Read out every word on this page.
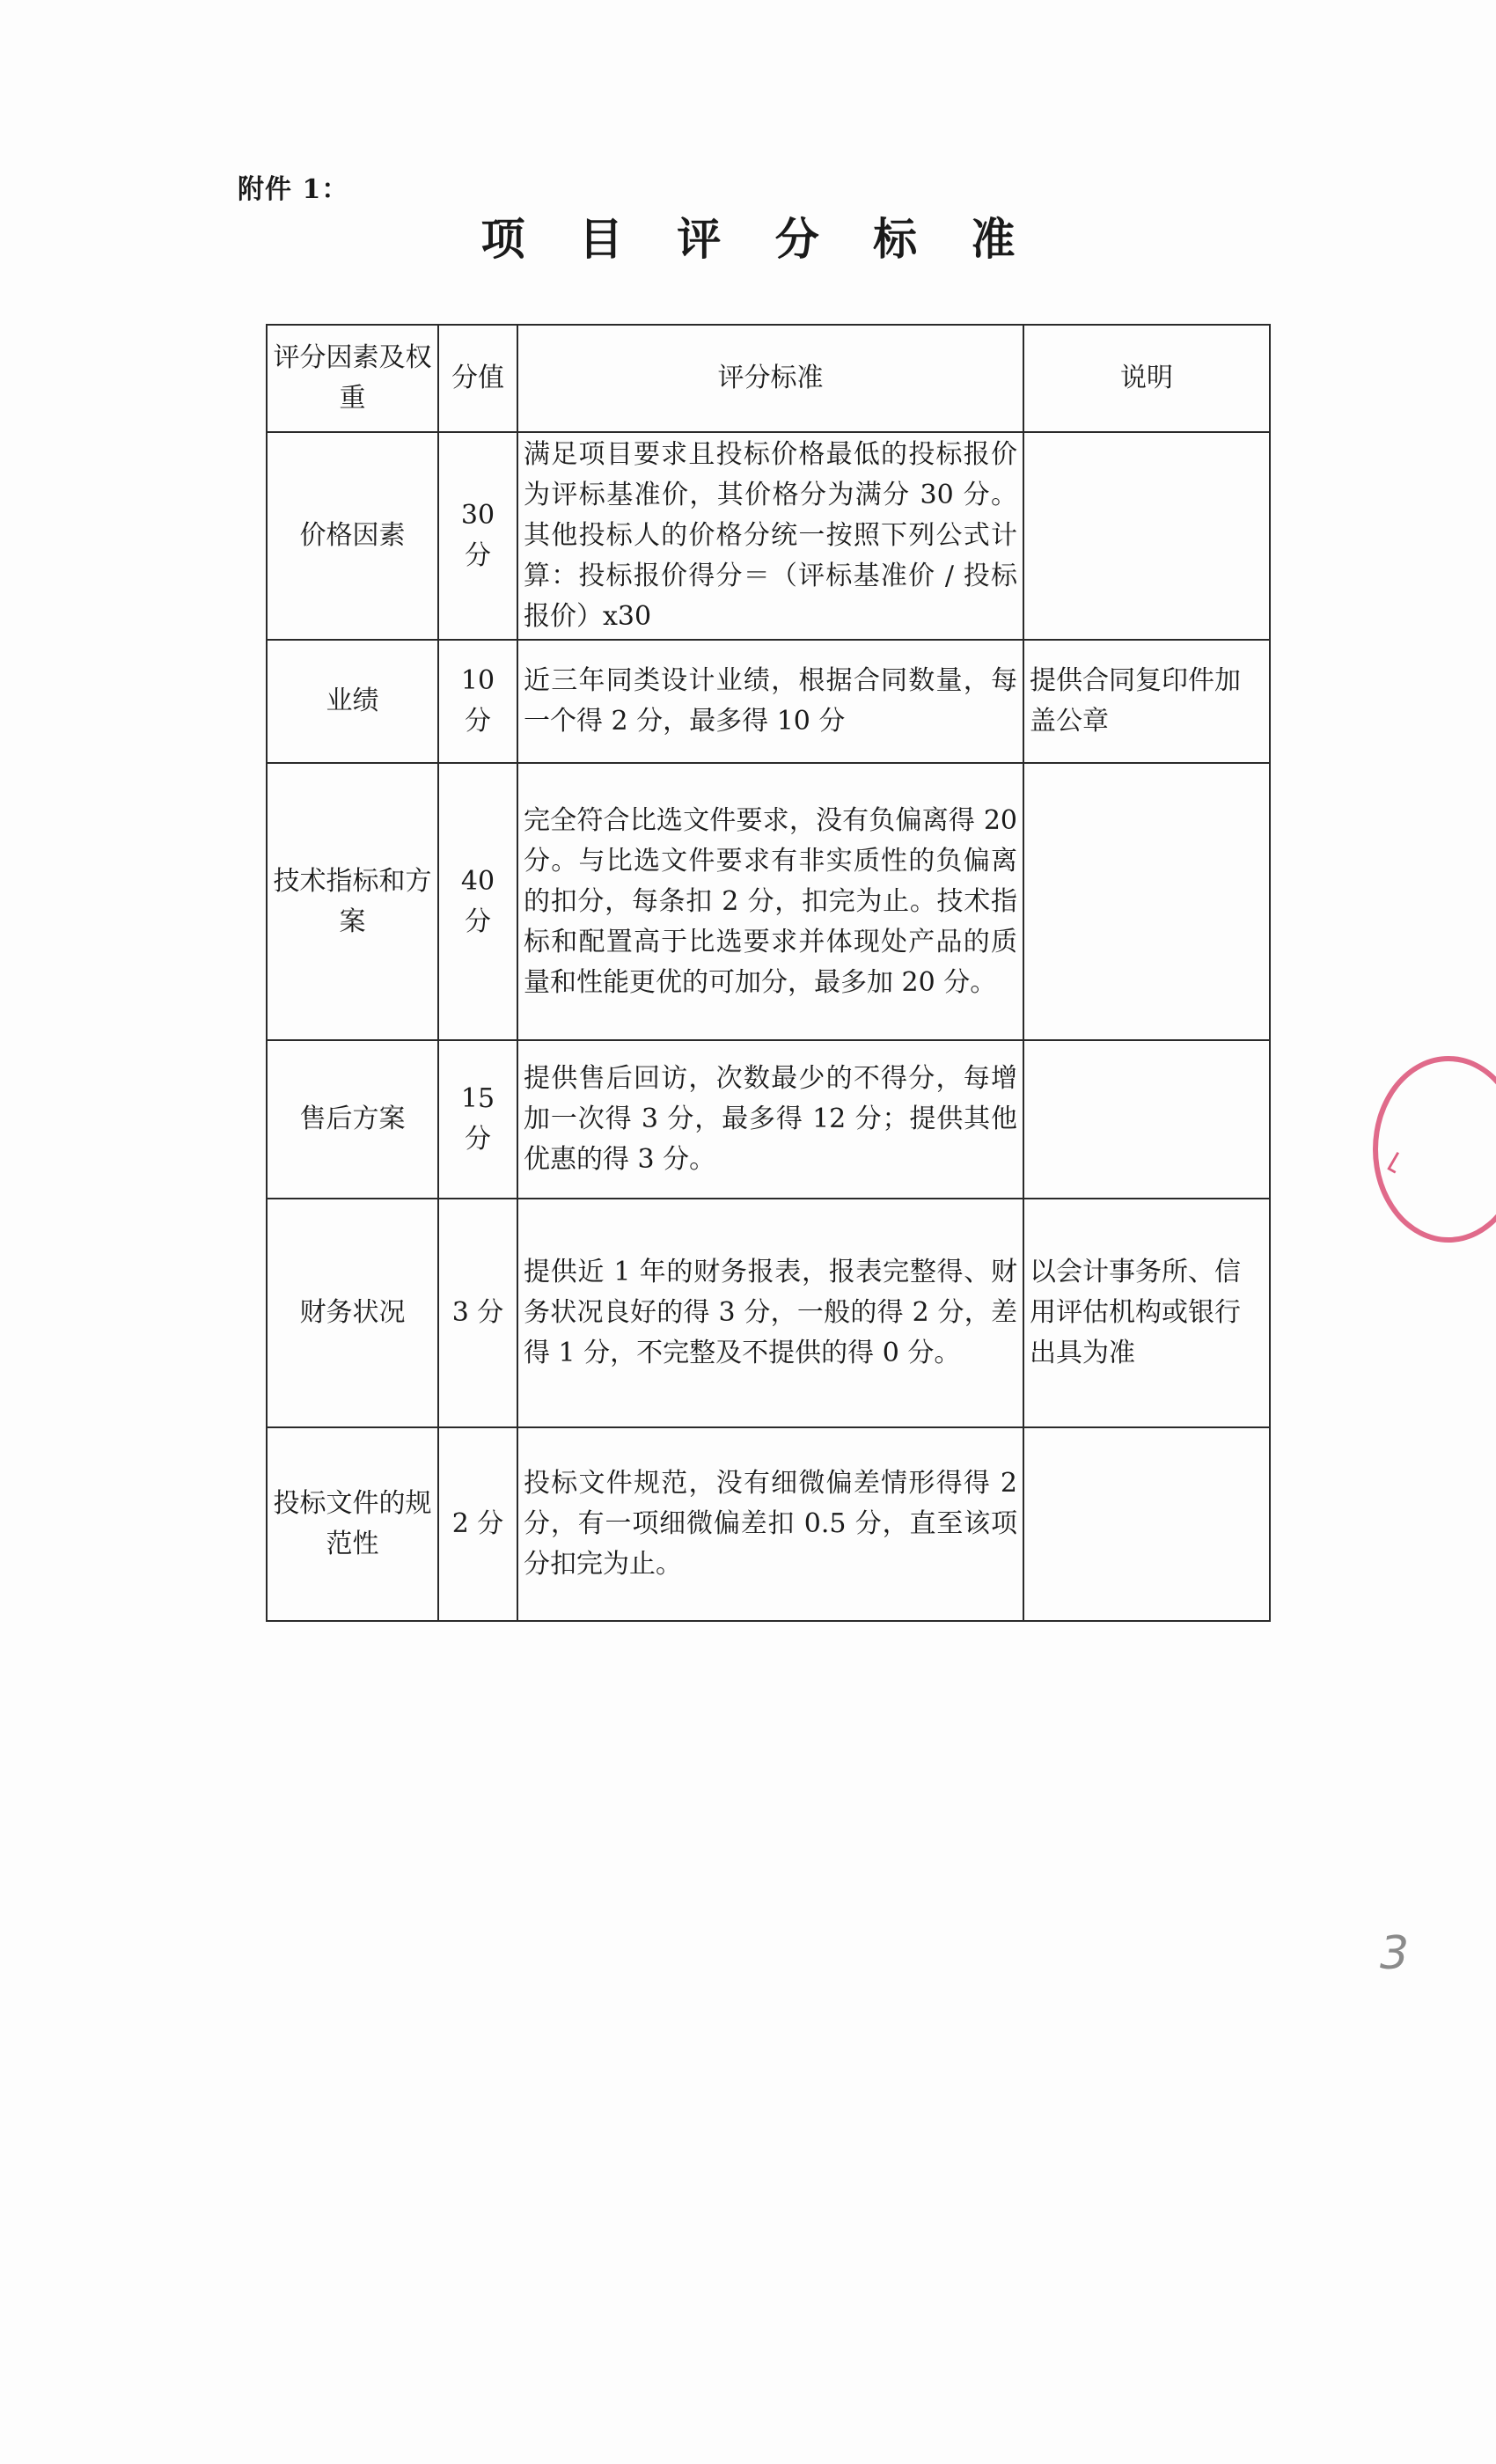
附件 1：
项 目 评 分 标 准
评分因素及权重	分值	评分标准	说明
价格因素	30 分	满足项目要求且投标价格最低的投标报价为评标基准价，其价格分为满分 30 分。其他投标人的价格分统一按照下列公式计算：投标报价得分＝（评标基准价 / 投标报价）x30	
业绩	10 分	近三年同类设计业绩，根据合同数量，每一个得 2 分，最多得 10 分	提供合同复印件加盖公章
技术指标和方案	40 分	完全符合比选文件要求，没有负偏离得 20 分。与比选文件要求有非实质性的负偏离的扣分，每条扣 2 分，扣完为止。技术指标和配置高于比选要求并体现处产品的质量和性能更优的可加分，最多加 20 分。	
售后方案	15 分	提供售后回访，次数最少的不得分，每增加一次得 3 分，最多得 12 分；提供其他优惠的得 3 分。	
财务状况	3 分	提供近 1 年的财务报表，报表完整得、财务状况良好的得 3 分，一般的得 2 分，差得 1 分，不完整及不提供的得 0 分。	以会计事务所、信用评估机构或银行出具为准
投标文件的规范性	2 分	投标文件规范，没有细微偏差情形得得 2 分，有一项细微偏差扣 0.5 分，直至该项分扣完为止。	
⌐
3
